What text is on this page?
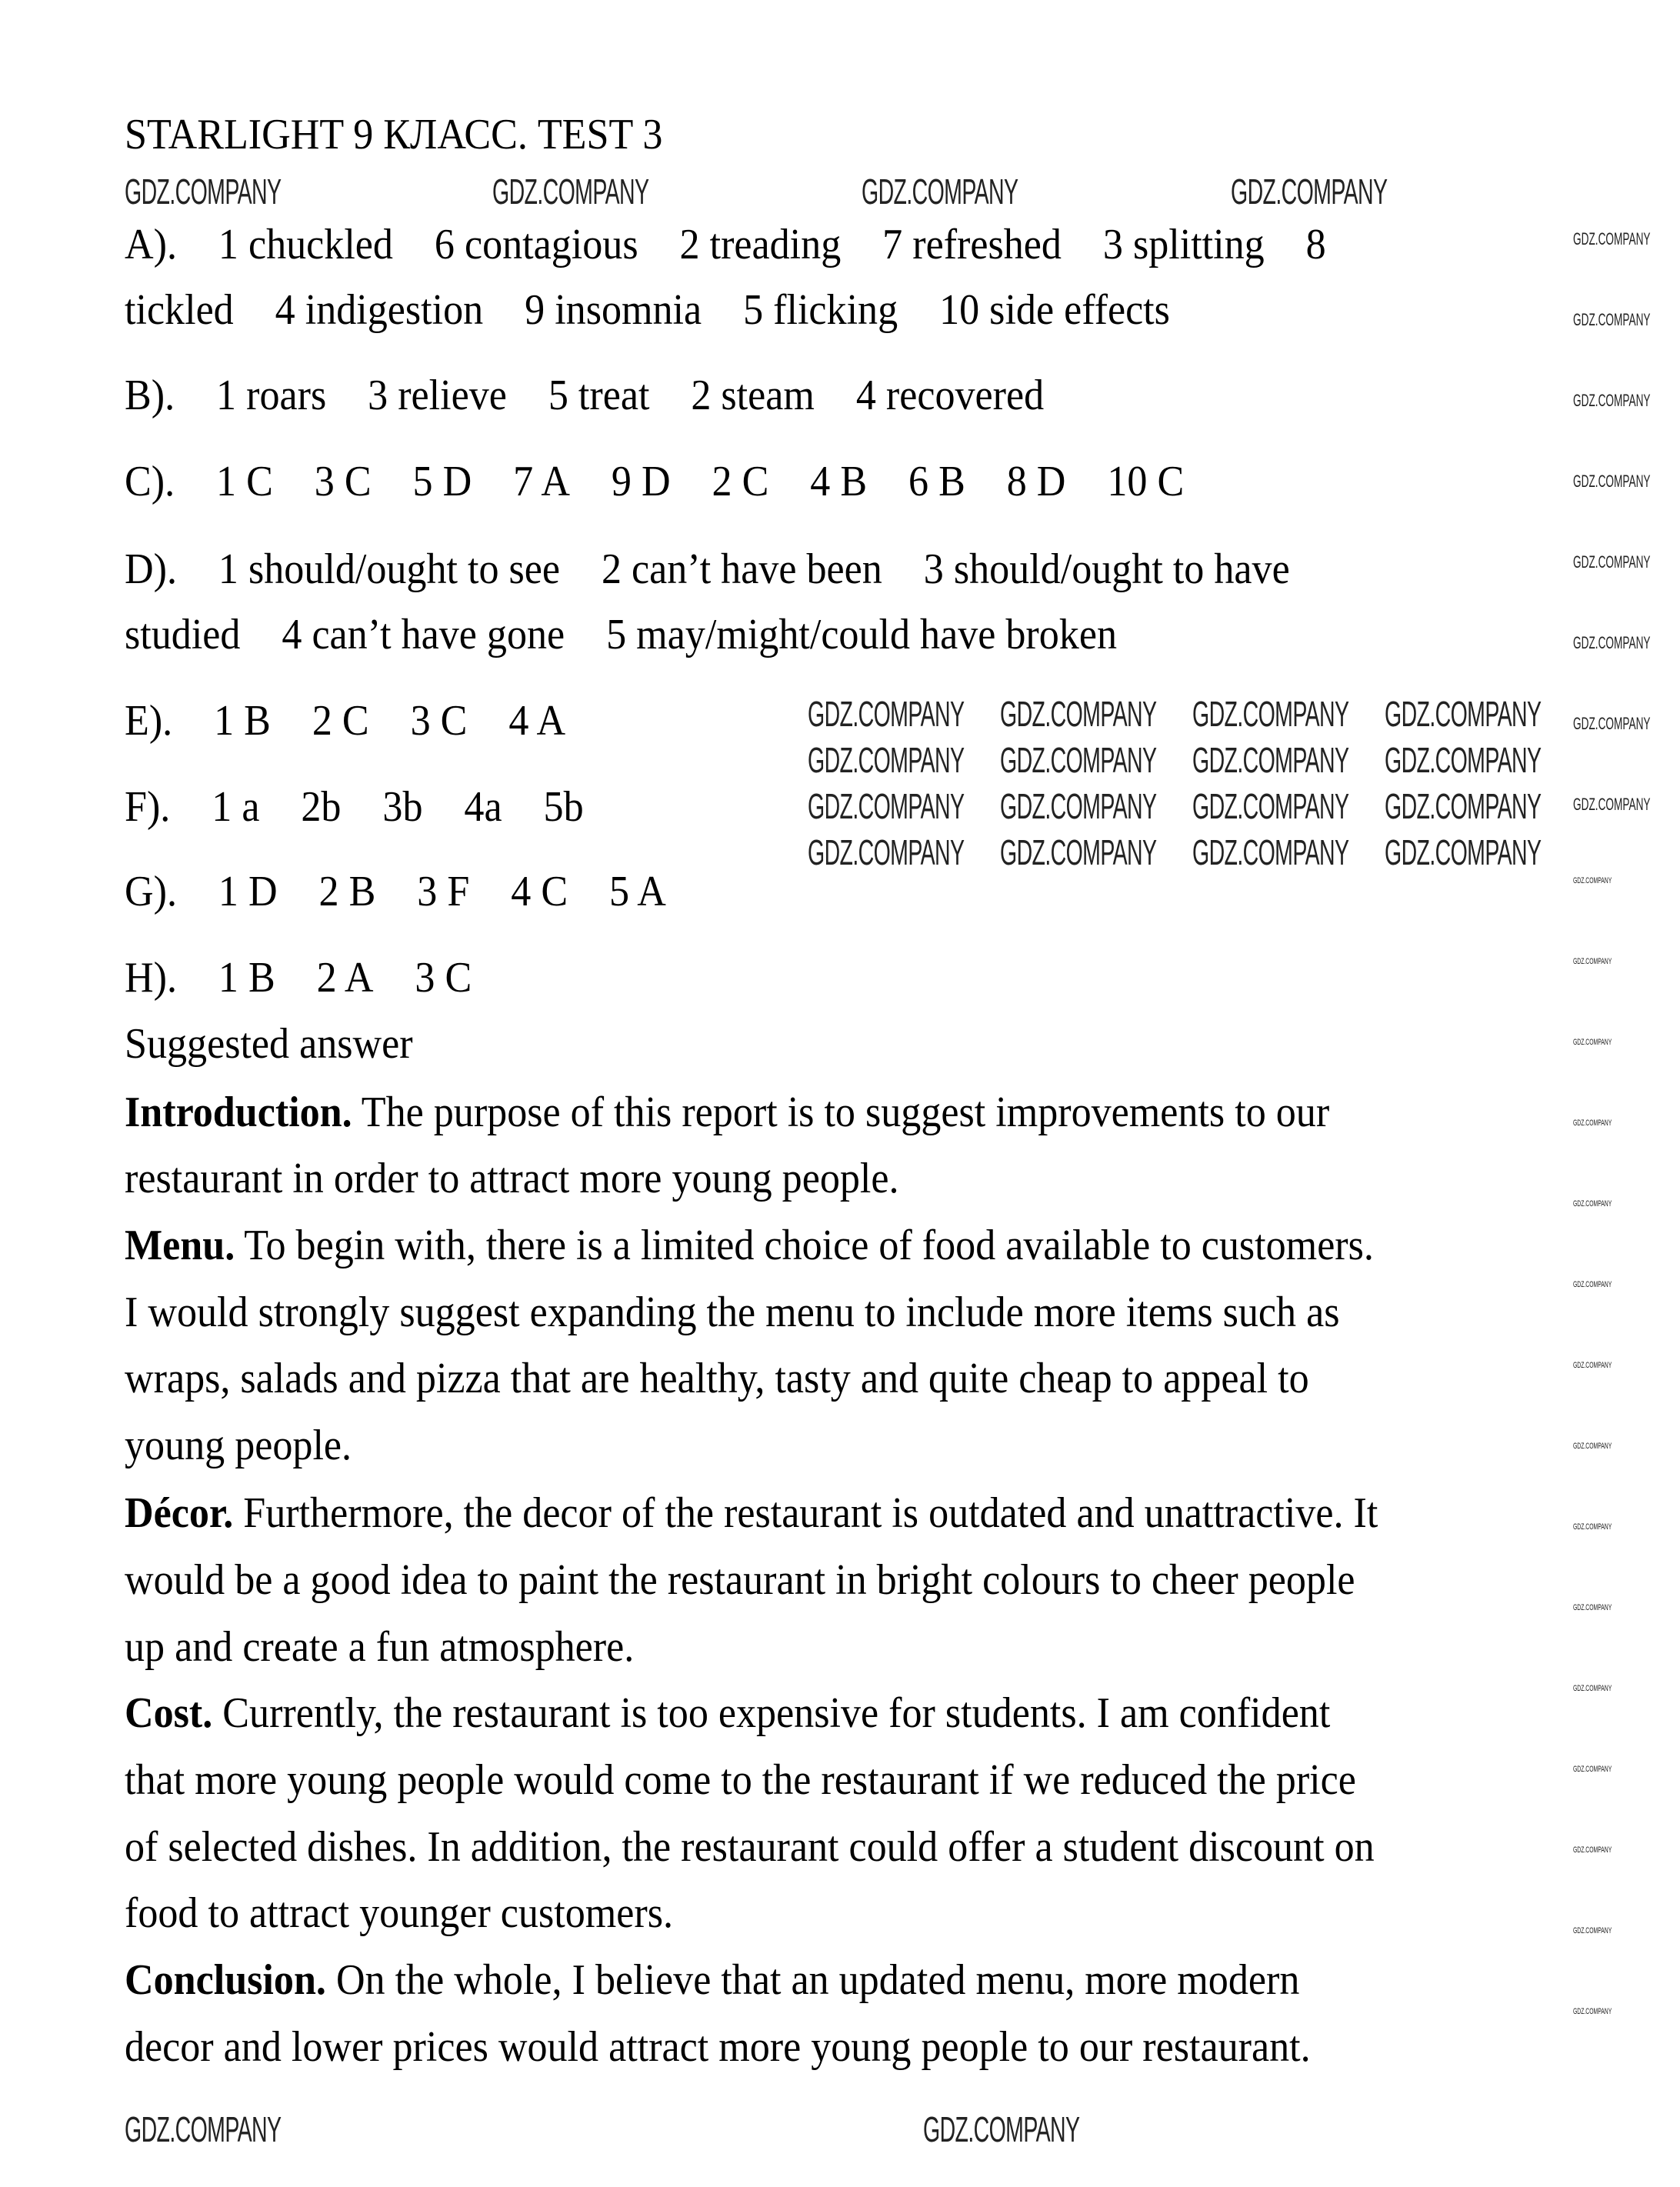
STARLIGHT 9 КЛАСС. TEST 3
A). 1 chuckled 6 contagious 2 treading 7 refreshed 3 splitting 8
tickled 4 indigestion 9 insomnia 5 flicking 10 side effects
B). 1 roars 3 relieve 5 treat 2 steam 4 recovered
C). 1 C 3 C 5 D 7 A 9 D 2 C 4 B 6 B 8 D 10 C
D). 1 should/ought to see 2 can’t have been 3 should/ought to have
studied 4 can’t have gone 5 may/might/could have broken
E). 1 B 2 C 3 C 4 A
F). 1 a 2b 3b 4a 5b
G). 1 D 2 B 3 F 4 C 5 A
H). 1 B 2 A 3 C
Suggested answer
Introduction. The purpose of this report is to suggest improvements to our
restaurant in order to attract more young people.
Menu. To begin with, there is a limited choice of food available to customers.
I would strongly suggest expanding the menu to include more items such as
wraps, salads and pizza that are healthy, tasty and quite cheap to appeal to
young people.
Décor. Furthermore, the decor of the restaurant is outdated and unattractive. It
would be a good idea to paint the restaurant in bright colours to cheer people
up and create a fun atmosphere.
Cost. Currently, the restaurant is too expensive for students. I am confident
that more young people would come to the restaurant if we reduced the price
of selected dishes. In addition, the restaurant could offer a student discount on
food to attract younger customers.
Conclusion. On the whole, I believe that an updated menu, more modern
decor and lower prices would attract more young people to our restaurant.
GDZ.COMPANY	GDZ.COMPANY	GDZ.COMPANY	GDZ.COMPANY
GDZ.COMPANY GDZ.COMPANY GDZ.COMPANY GDZ.COMPANY
GDZ.COMPANY GDZ.COMPANY GDZ.COMPANY GDZ.COMPANY
GDZ.COMPANY GDZ.COMPANY GDZ.COMPANY GDZ.COMPANY
GDZ.COMPANY GDZ.COMPANY GDZ.COMPANY GDZ.COMPANY
GDZ.COMPANY	GDZ.COMPANY
GDZ.COMPANY
GDZ.COMPANY
GDZ.COMPANY
GDZ.COMPANY
GDZ.COMPANY
GDZ.COMPANY
GDZ.COMPANY
GDZ.COMPANY
GDZ.COMPANY
GDZ.COMPANY
GDZ.COMPANY
GDZ.COMPANY
GDZ.COMPANY
GDZ.COMPANY
GDZ.COMPANY
GDZ.COMPANY
GDZ.COMPANY
GDZ.COMPANY
GDZ.COMPANY
GDZ.COMPANY
GDZ.COMPANY
GDZ.COMPANY
GDZ.COMPANY
